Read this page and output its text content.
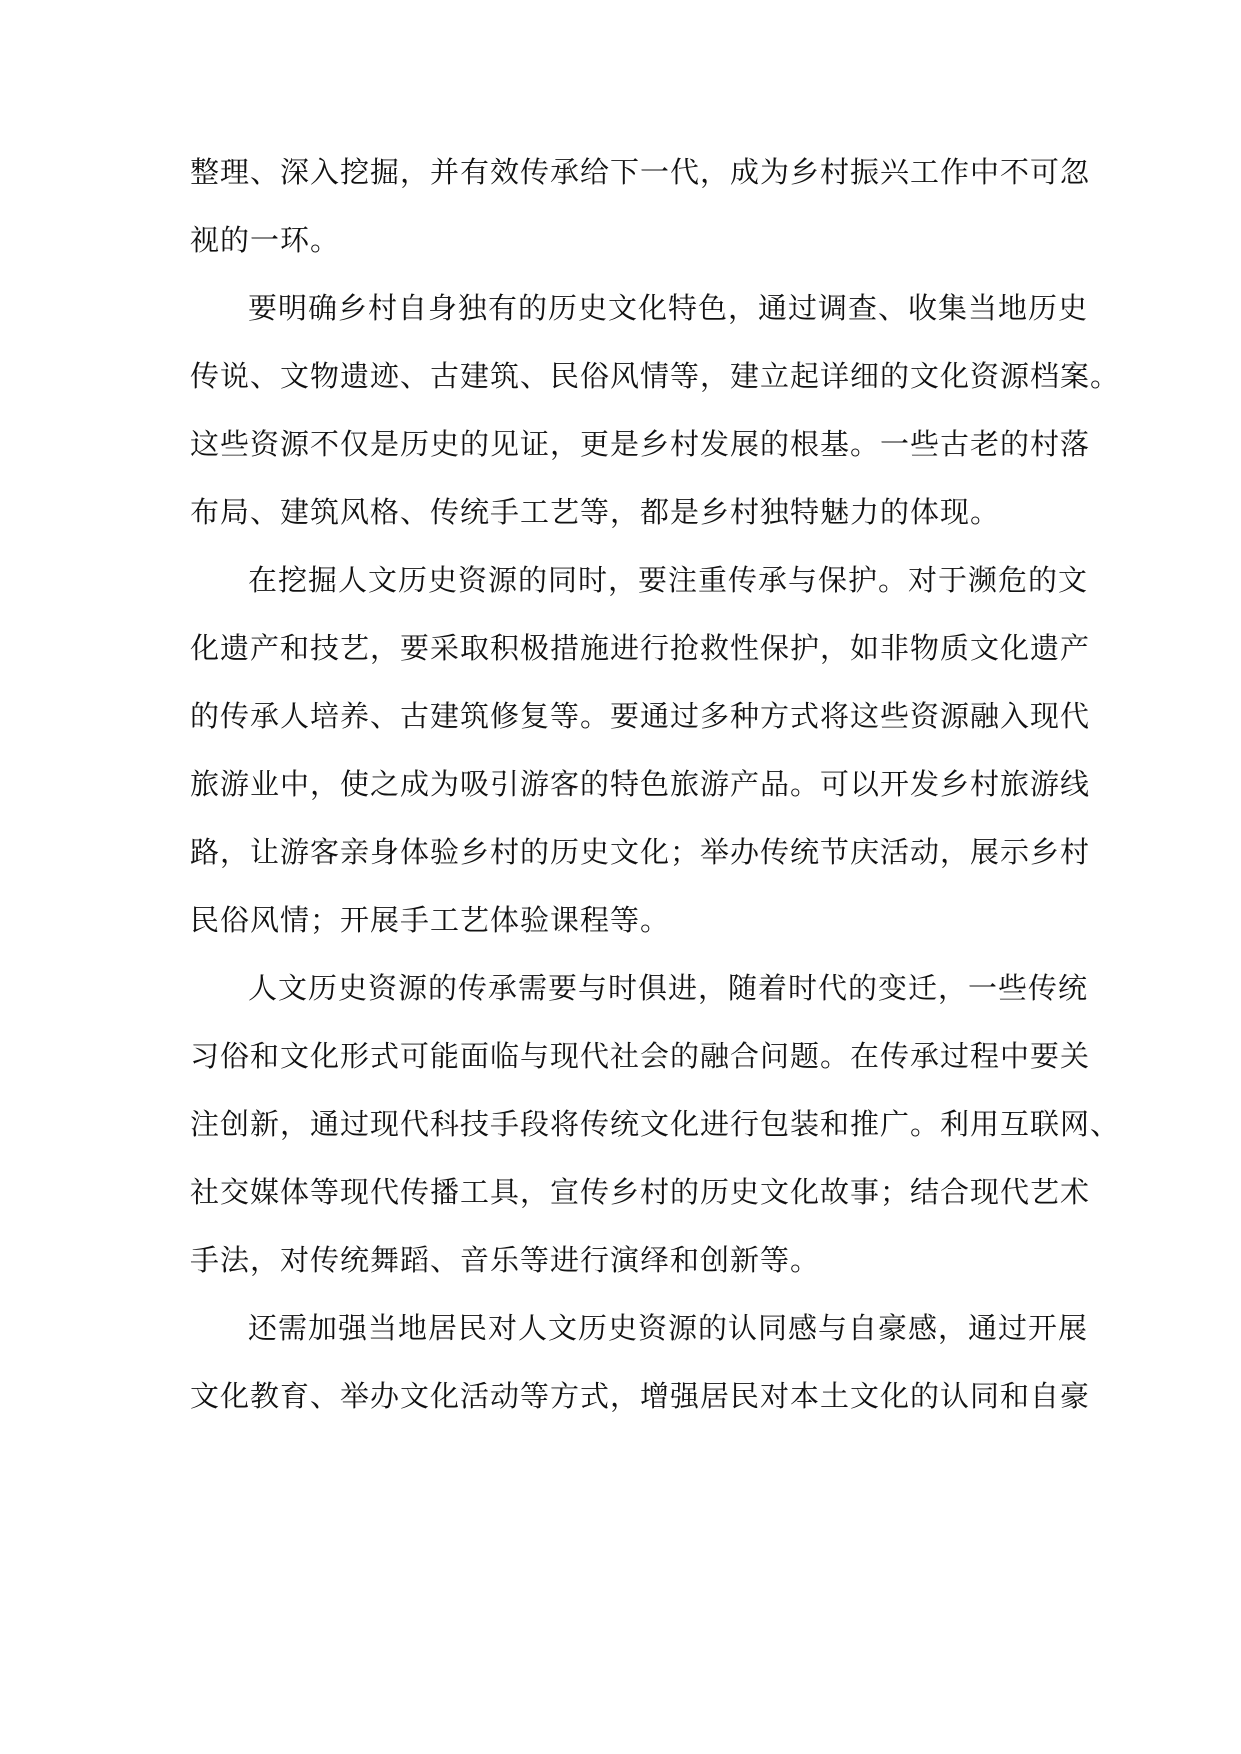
整理、深入挖掘，并有效传承给下一代，成为乡村振兴工作中不可忽
视的一环。
要明确乡村自身独有的历史文化特色，通过调查、收集当地历史
传说、文物遗迹、古建筑、民俗风情等，建立起详细的文化资源档案。
这些资源不仅是历史的见证，更是乡村发展的根基。一些古老的村落
布局、建筑风格、传统手工艺等，都是乡村独特魅力的体现。
在挖掘人文历史资源的同时，要注重传承与保护。对于濒危的文
化遗产和技艺，要采取积极措施进行抢救性保护，如非物质文化遗产
的传承人培养、古建筑修复等。要通过多种方式将这些资源融入现代
旅游业中，使之成为吸引游客的特色旅游产品。可以开发乡村旅游线
路，让游客亲身体验乡村的历史文化；举办传统节庆活动，展示乡村
民俗风情；开展手工艺体验课程等。
人文历史资源的传承需要与时俱进，随着时代的变迁，一些传统
习俗和文化形式可能面临与现代社会的融合问题。在传承过程中要关
注创新，通过现代科技手段将传统文化进行包装和推广。利用互联网、
社交媒体等现代传播工具，宣传乡村的历史文化故事；结合现代艺术
手法，对传统舞蹈、音乐等进行演绎和创新等。
还需加强当地居民对人文历史资源的认同感与自豪感，通过开展
文化教育、举办文化活动等方式，增强居民对本土文化的认同和自豪
